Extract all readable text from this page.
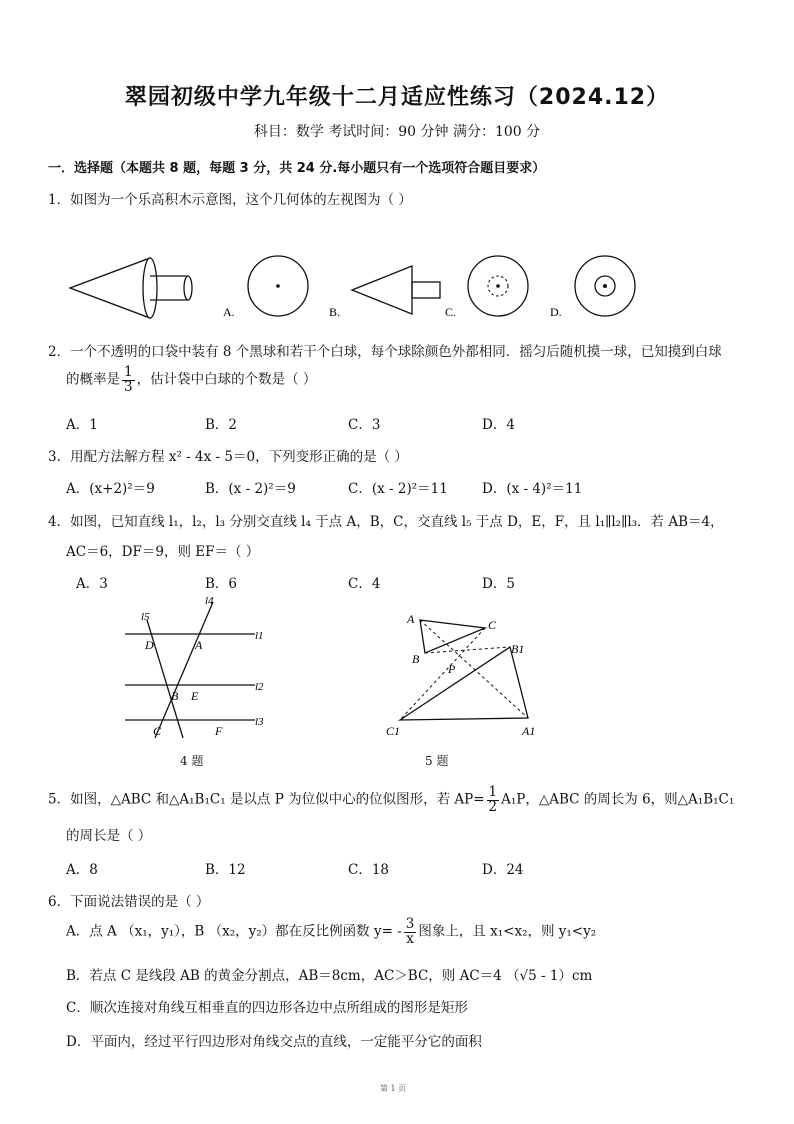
翠园初级中学九年级十二月适应性练习（2024.12）
科目：数学 考试时间：90 分钟 满分：100 分
一．选择题（本题共 8 题，每题 3 分，共 24 分.每小题只有一个选项符合题目要求）
1．如图为一个乐高积木示意图，这个几何体的左视图为（ ）
A.	B.	C.	D.
2．一个不透明的口袋中装有 8 个黑球和若干个白球，每个球除颜色外都相同．摇匀后随机摸一球，已知摸到白球
的概率是 $\frac{1}{3}$ ，估计袋中白球的个数是（ ）
A．1	B．2	C．3	D．4
3．用配方法解方程 x² - 4x - 5＝0，下列变形正确的是（ ）
A．(x+2)²＝9	B．(x - 2)²＝9	C．(x - 2)²＝11	D．(x - 4)²＝11
4．如图，已知直线 l₁，l₂，l₃ 分别交直线 l₄ 于点 A，B，C，交直线 l₅ 于点 D，E，F，且 l₁∥l₂∥l₃．若 AB＝4，
AC＝6，DF＝9，则 EF＝（ ）
A．3	B．6	C．4	D．5
l5
l4
l1
l2
l3
D	A
B E
C	F
4 题
A	C
B
B1
P
C1	A1
5 题
5．如图，△ABC 和△A₁B₁C₁ 是以点 P 为位似中心的位似图形，若 $AP= \frac{1}{2} A_1P$，△ABC 的周长为 6，则△A₁B₁C₁
的周长是（ ）
A．8	B．12	C．18	D．24
6．下面说法错误的是（ ）
A．点 A （x₁，y₁），B （x₂，y₂）都在反比例函数 $y= - \frac{3}{x}$ 图象上，且 x₁<x₂，则 y₁<y₂
B．若点 C 是线段 AB 的黄金分割点，AB＝8cm，AC＞BC，则 AC＝4 （√5 - 1）cm
C．顺次连接对角线互相垂直的四边形各边中点所组成的图形是矩形
D．平面内，经过平行四边形对角线交点的直线，一定能平分它的面积
第 1 页
